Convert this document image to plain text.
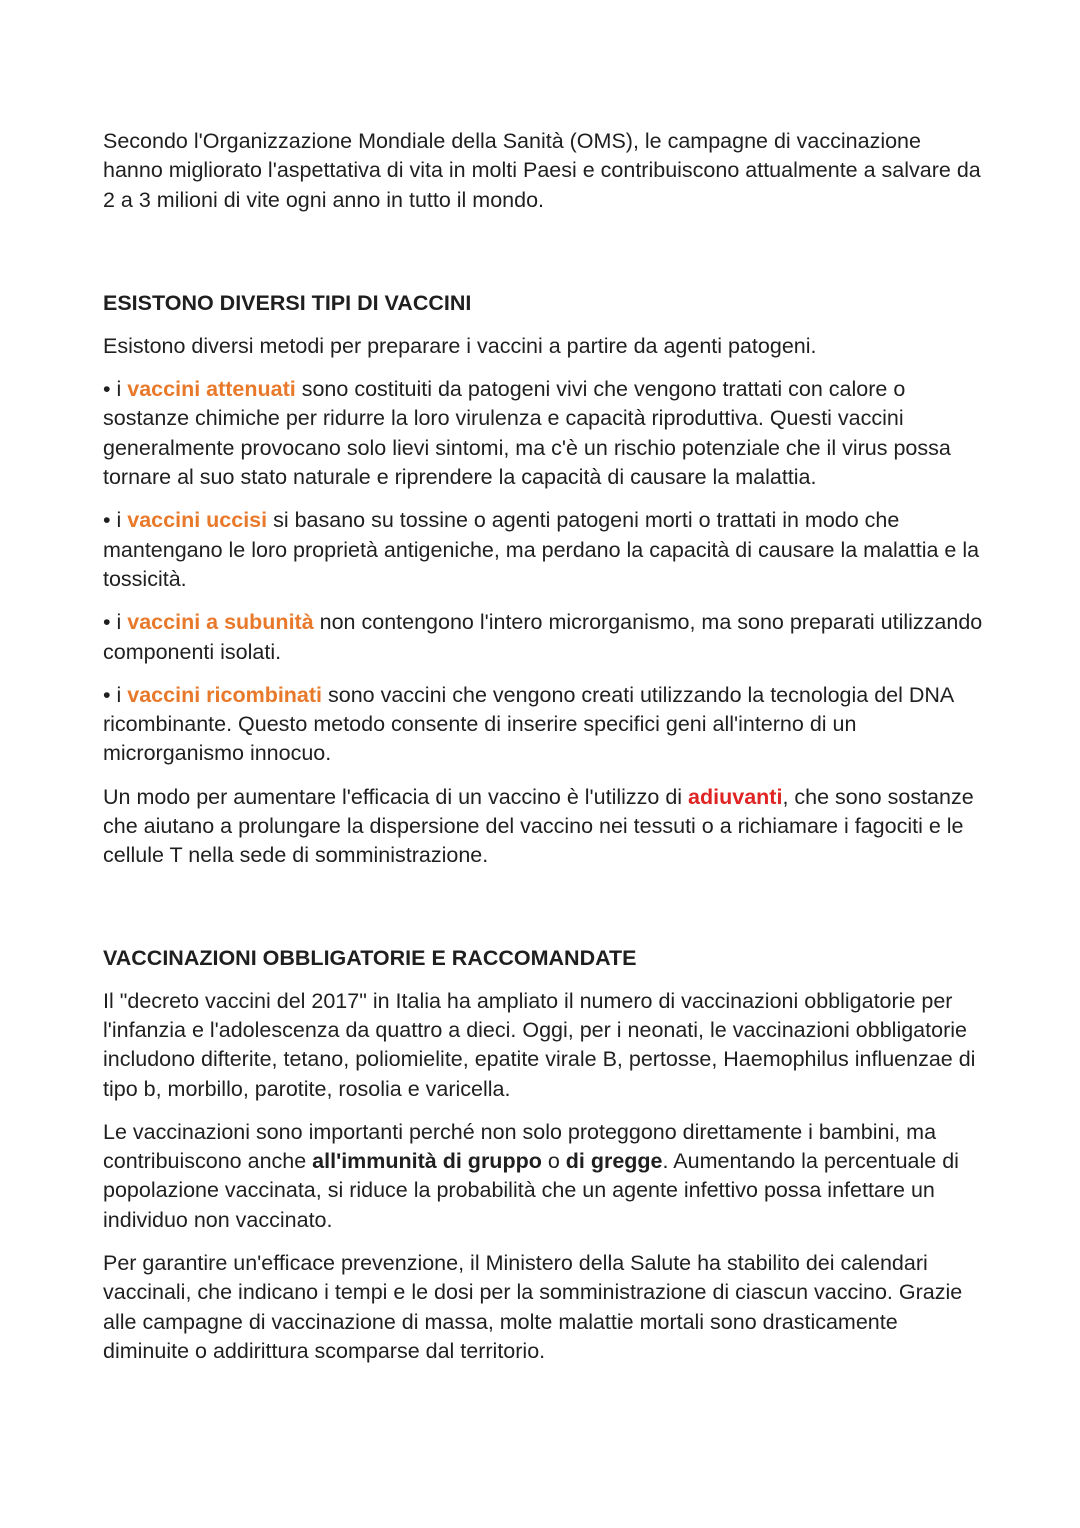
Secondo l'Organizzazione Mondiale della Sanità (OMS), le campagne di vaccinazione hanno migliorato l'aspettativa di vita in molti Paesi e contribuiscono attualmente a salvare da 2 a 3 milioni di vite ogni anno in tutto il mondo.

ESISTONO DIVERSI TIPI DI VACCINI

Esistono diversi metodi per preparare i vaccini a partire da agenti patogeni.

• i vaccini attenuati sono costituiti da patogeni vivi che vengono trattati con calore o sostanze chimiche per ridurre la loro virulenza e capacità riproduttiva. Questi vaccini generalmente provocano solo lievi sintomi, ma c'è un rischio potenziale che il virus possa tornare al suo stato naturale e riprendere la capacità di causare la malattia.

• i vaccini uccisi si basano su tossine o agenti patogeni morti o trattati in modo che mantengano le loro proprietà antigeniche, ma perdano la capacità di causare la malattia e la tossicità.

• i vaccini a subunità non contengono l'intero microrganismo, ma sono preparati utilizzando componenti isolati.

• i vaccini ricombinati sono vaccini che vengono creati utilizzando la tecnologia del DNA ricombinante. Questo metodo consente di inserire specifici geni all'interno di un microrganismo innocuo.

Un modo per aumentare l'efficacia di un vaccino è l'utilizzo di adiuvanti, che sono sostanze che aiutano a prolungare la dispersione del vaccino nei tessuti o a richiamare i fagociti e le cellule T nella sede di somministrazione.

VACCINAZIONI OBBLIGATORIE E RACCOMANDATE

Il "decreto vaccini del 2017" in Italia ha ampliato il numero di vaccinazioni obbligatorie per l'infanzia e l'adolescenza da quattro a dieci. Oggi, per i neonati, le vaccinazioni obbligatorie includono difterite, tetano, poliomielite, epatite virale B, pertosse, Haemophilus influenzae di tipo b, morbillo, parotite, rosolia e varicella.

Le vaccinazioni sono importanti perché non solo proteggono direttamente i bambini, ma contribuiscono anche all'immunità di gruppo o di gregge. Aumentando la percentuale di popolazione vaccinata, si riduce la probabilità che un agente infettivo possa infettare un individuo non vaccinato.

Per garantire un'efficace prevenzione, il Ministero della Salute ha stabilito dei calendari vaccinali, che indicano i tempi e le dosi per la somministrazione di ciascun vaccino. Grazie alle campagne di vaccinazione di massa, molte malattie mortali sono drasticamente diminuite o addirittura scomparse dal territorio.
